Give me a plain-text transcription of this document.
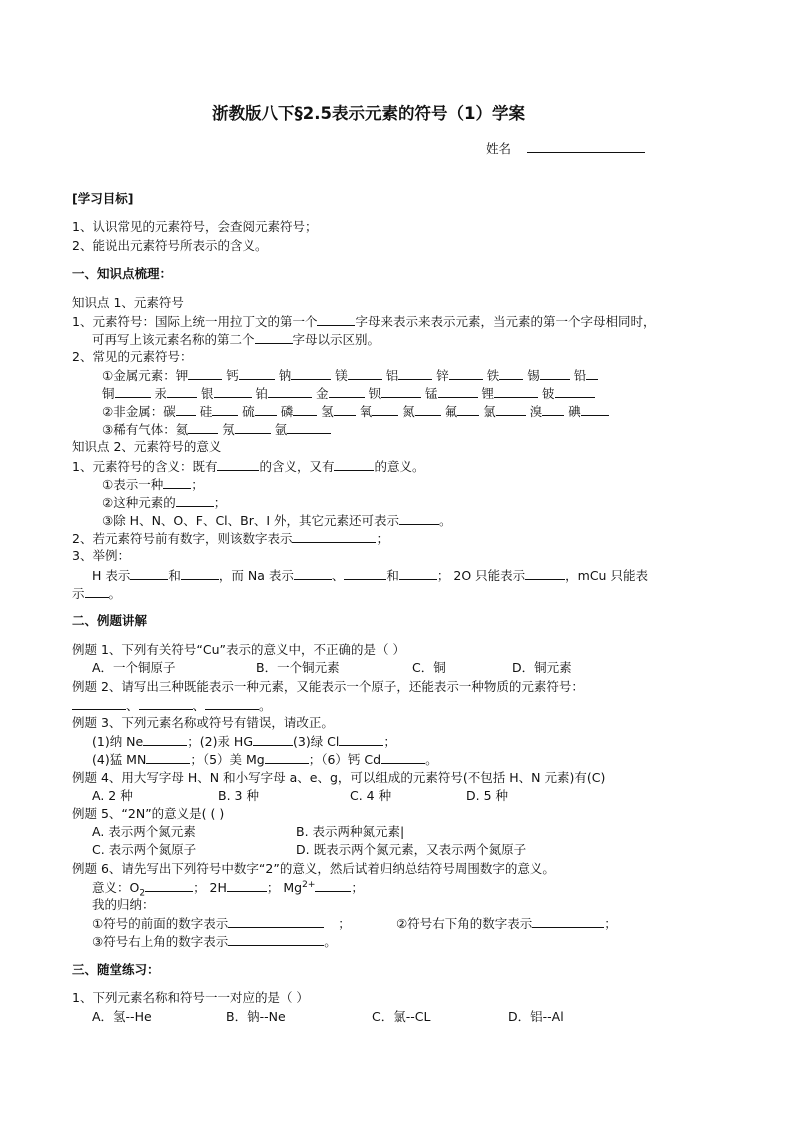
浙教版八下§2.5表示元素的符号（1）学案
姓名
[学习目标]
1、认识常见的元素符号，会查阅元素符号；
2、能说出元素符号所表示的含义。
一、知识点梳理：
知识点 1、元素符号
1、元素符号：国际上统一用拉丁文的第一个	字母来表示来表示元素，当元素的第一个字母相同时，
可再写上该元素名称的第二个	字母以示区别。
2、常见的元素符号：
①金属元素：钾	钙	钠	镁	铝	锌	铁 锡	铅
铜	汞	银	铂	金	钡	锰	锂	铍
②非金属：碳 硅 硫 磷 氢 氧 氮 氟 氯	溴 碘
③稀有气体：氦	氖	氩
知识点 2、元素符号的意义
1、元素符号的含义：既有	的含义，又有	的意义。
①表示一种 ；
②这种元素的	；
③除 H、N、O、F、Cl、Br、I 外，其它元素还可表示	。
2、若元素符号前有数字，则该数字表示	；
3、举例：
H 表示	和	，而 Na 表示	、	和	； 2O 只能表示	，mCu 只能表
示 。
二、例题讲解
例题 1、下列有关符号“Cu”表示的意义中，不正确的是（ ）
A．一个铜原子	B．一个铜元素	C．铜	D．铜元素
例题 2、请写出三种既能表示一种元素，又能表示一个原子，还能表示一种物质的元素符号：
、	、	。
例题 3、下列元素名称或符号有错误，请改正。
(1)纳 Ne	；(2)汞 HG	(3)绿 Cl	；
(4)猛 MN	；（5）美 Mg	；（6）钙 Cd	。
例题 4、用大写字母 H、N 和小写字母 a、e、g，可以组成的元素符号(不包括 H、N 元素)有(C)
A. 2 种	B. 3 种	C. 4 种	D. 5 种
例题 5、“2N”的意义是( ( )
A. 表示两个氮元素	B. 表示两种氮元素|
C. 表示两个氮原子	D. 既表示两个氮元素，又表示两个氮原子
例题 6、请先写出下列符号中数字“2”的意义，然后试着归纳总结符号周围数字的意义。
意义：$O_2$	； 2H	； $Mg^{2+}$	；
我的归纳：
①符号的前面的数字表示	；	②符号右下角的数字表示	；
③符号右上角的数字表示	。
三、随堂练习：
1、下列元素名称和符号一一对应的是（ ）
A．氢--He	B．钠--Ne	C．氯--CL	D．铝--Al
